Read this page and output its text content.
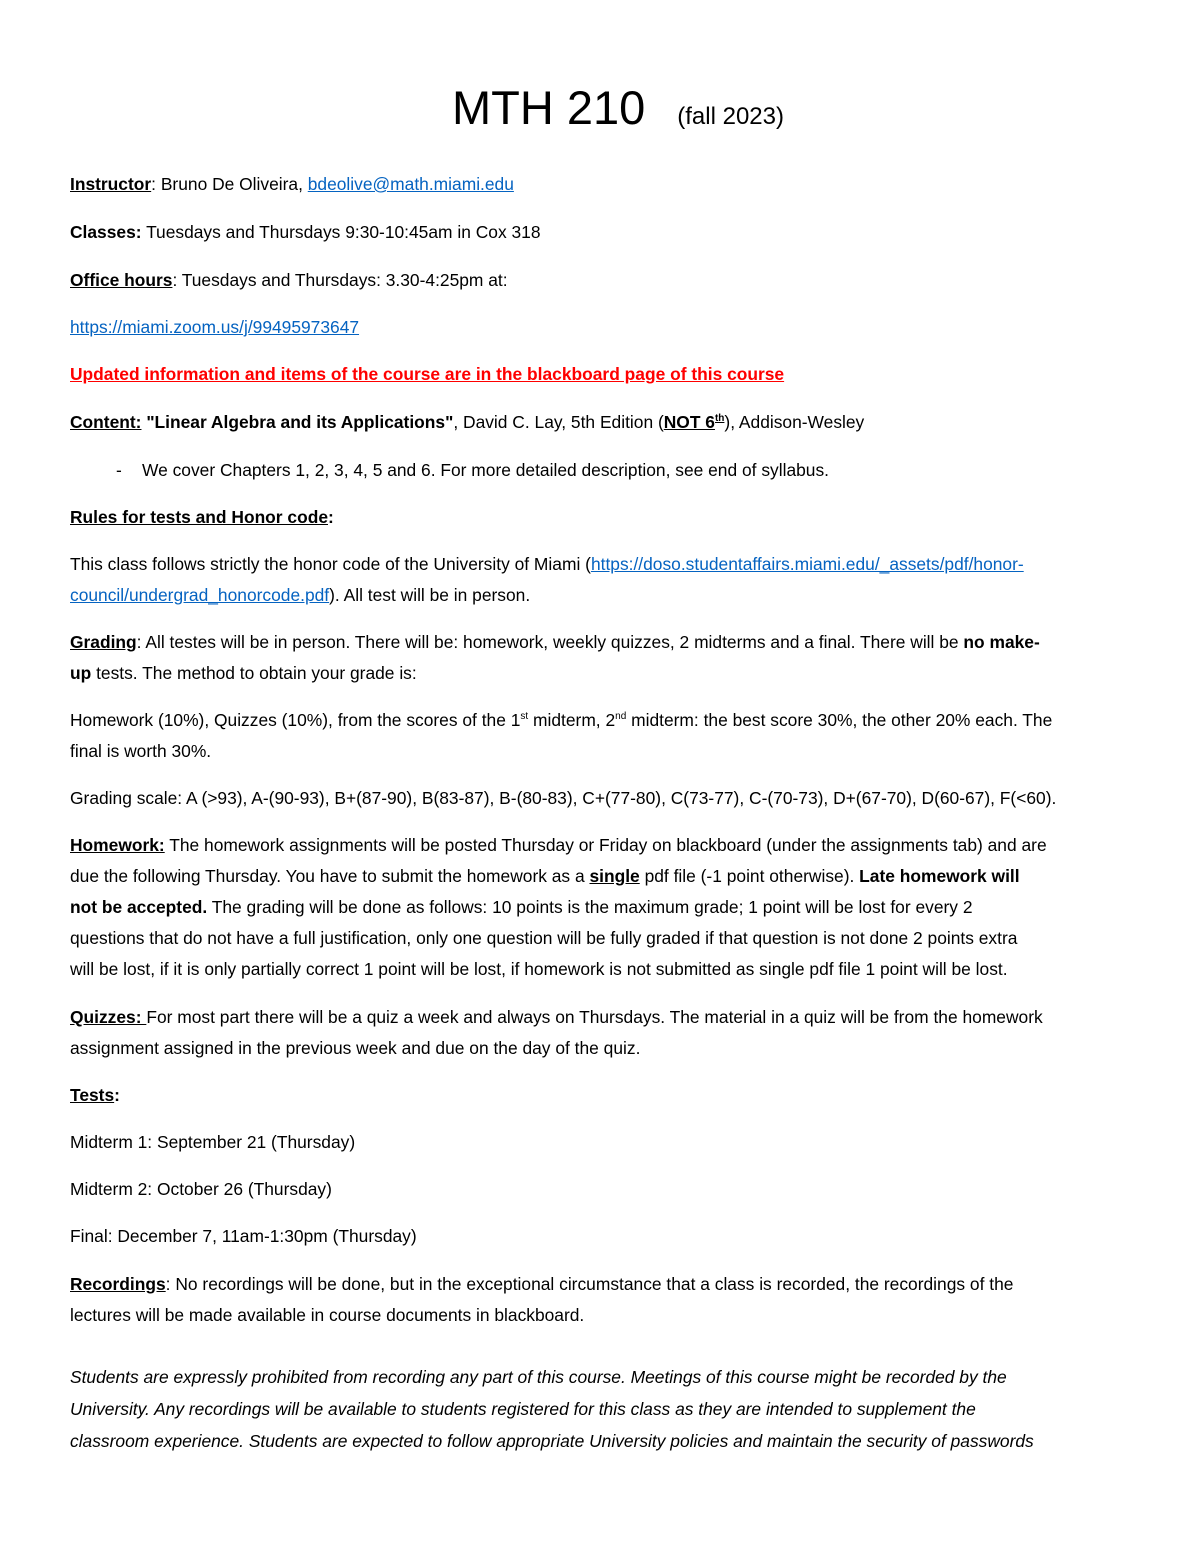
MTH 210 (fall 2023)
Instructor: Bruno De Oliveira, bdeolive@math.miami.edu
Classes: Tuesdays and Thursdays 9:30-10:45am in Cox 318
Office hours: Tuesdays and Thursdays: 3.30-4:25pm at:
https://miami.zoom.us/j/99495973647
Updated information and items of the course are in the blackboard page of this course
Content: "Linear Algebra and its Applications", David C. Lay, 5th Edition (NOT 6th), Addison-Wesley
- We cover Chapters 1, 2, 3, 4, 5 and 6. For more detailed description, see end of syllabus.
Rules for tests and Honor code:
This class follows strictly the honor code of the University of Miami (https://doso.studentaffairs.miami.edu/_assets/pdf/honor-
council/undergrad_honorcode.pdf). All test will be in person.
Grading: All testes will be in person. There will be: homework, weekly quizzes, 2 midterms and a final. There will be no make-
up tests. The method to obtain your grade is:
Homework (10%), Quizzes (10%), from the scores of the 1st midterm, 2nd midterm: the best score 30%, the other 20% each. The
final is worth 30%.
Grading scale: A (>93), A-(90-93), B+(87-90), B(83-87), B-(80-83), C+(77-80), C(73-77), C-(70-73), D+(67-70), D(60-67), F(<60).
Homework: The homework assignments will be posted Thursday or Friday on blackboard (under the assignments tab) and are
due the following Thursday. You have to submit the homework as a single pdf file (-1 point otherwise). Late homework will
not be accepted. The grading will be done as follows: 10 points is the maximum grade; 1 point will be lost for every 2
questions that do not have a full justification, only one question will be fully graded if that question is not done 2 points extra
will be lost, if it is only partially correct 1 point will be lost, if homework is not submitted as single pdf file 1 point will be lost.
Quizzes: For most part there will be a quiz a week and always on Thursdays. The material in a quiz will be from the homework
assignment assigned in the previous week and due on the day of the quiz.
Tests:
Midterm 1: September 21 (Thursday)
Midterm 2: October 26 (Thursday)
Final: December 7, 11am-1:30pm (Thursday)
Recordings: No recordings will be done, but in the exceptional circumstance that a class is recorded, the recordings of the
lectures will be made available in course documents in blackboard.
Students are expressly prohibited from recording any part of this course. Meetings of this course might be recorded by the
University. Any recordings will be available to students registered for this class as they are intended to supplement the
classroom experience. Students are expected to follow appropriate University policies and maintain the security of passwords
